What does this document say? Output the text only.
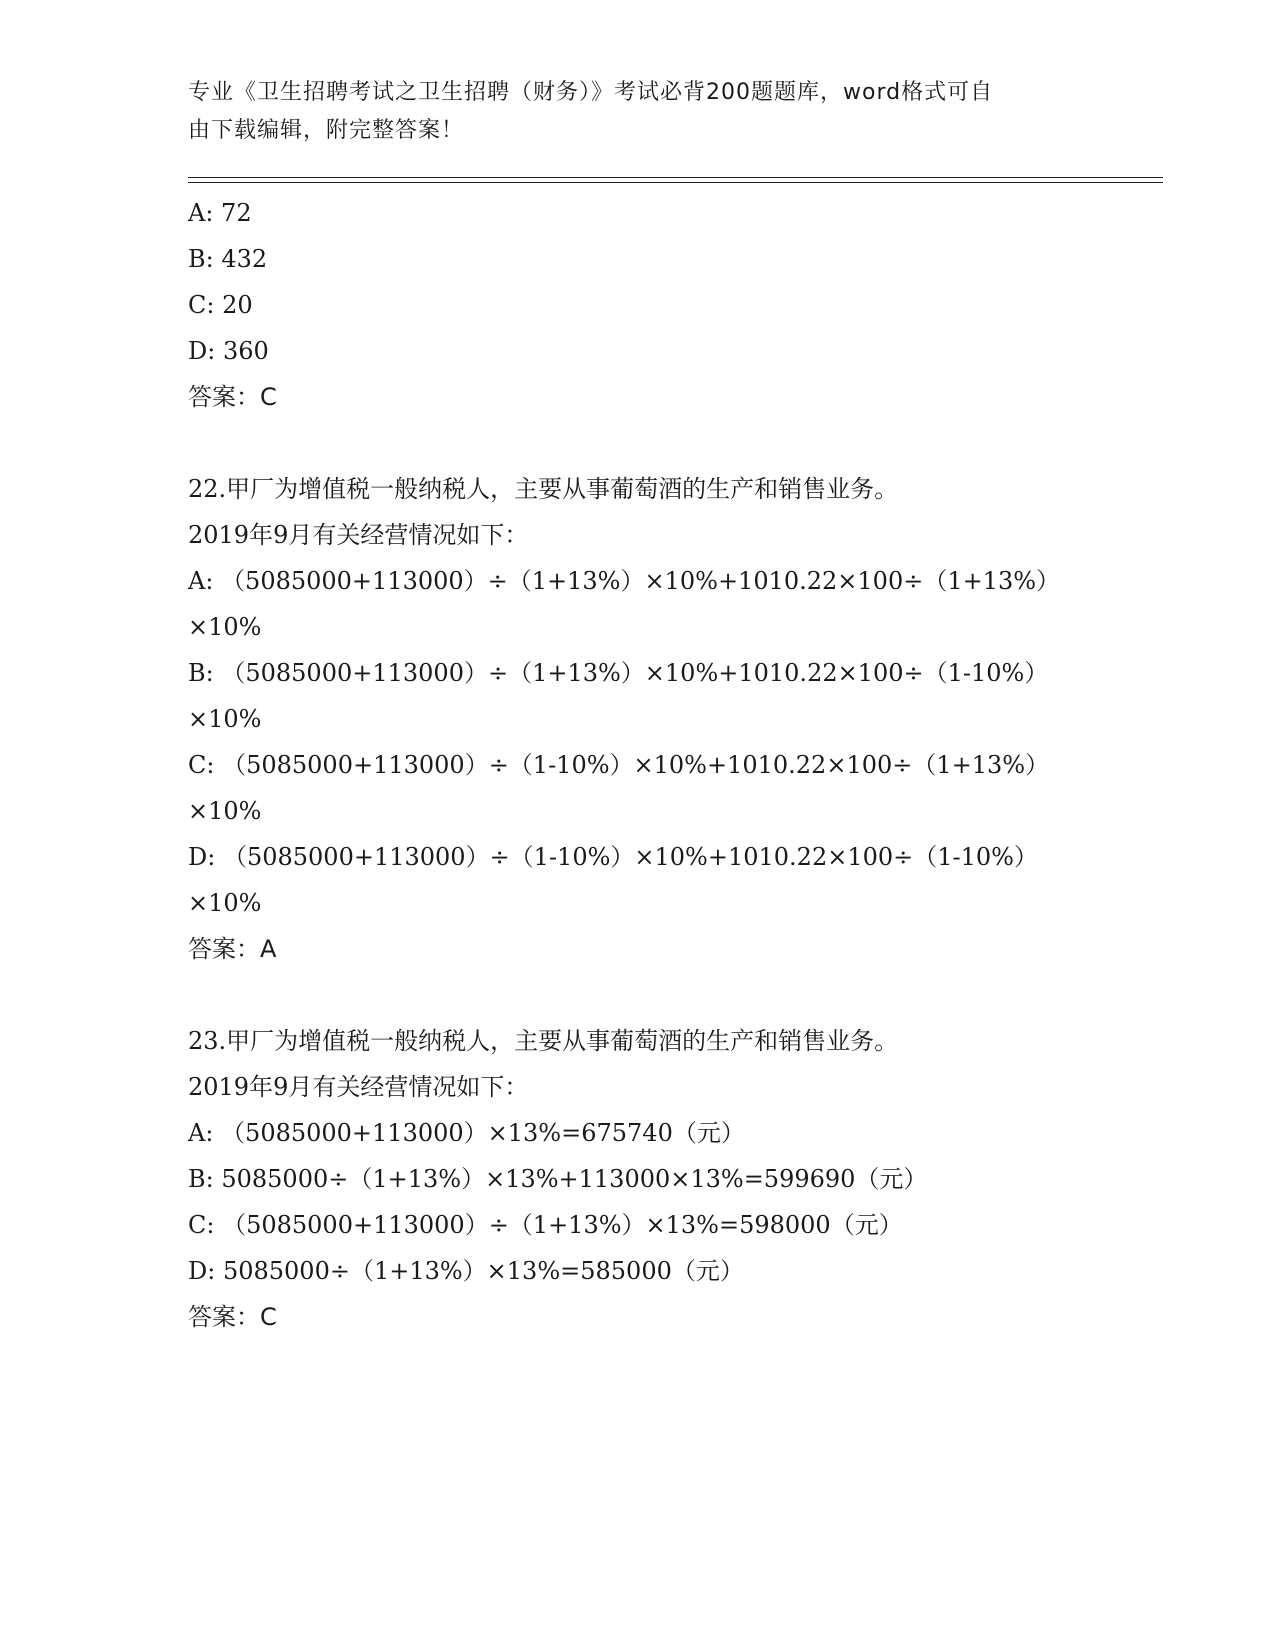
专业《卫生招聘考试之卫生招聘（财务）》考试必背200题题库，word格式可自
由下载编辑，附完整答案！
A: 72
B: 432
C: 20
D: 360
答案：C
22.甲厂为增值税一般纳税人，主要从事葡萄酒的生产和销售业务。
2019年9月有关经营情况如下：
A: （5085000+113000）÷（1+13%）×10%+1010.22×100÷（1+13%）
×10%
B: （5085000+113000）÷（1+13%）×10%+1010.22×100÷（1-10%）
×10%
C: （5085000+113000）÷（1-10%）×10%+1010.22×100÷（1+13%）
×10%
D: （5085000+113000）÷（1-10%）×10%+1010.22×100÷（1-10%）
×10%
答案：A
23.甲厂为增值税一般纳税人，主要从事葡萄酒的生产和销售业务。
2019年9月有关经营情况如下：
A: （5085000+113000）×13%=675740（元）
B: 5085000÷（1+13%）×13%+113000×13%=599690（元）
C: （5085000+113000）÷（1+13%）×13%=598000（元）
D: 5085000÷（1+13%）×13%=585000（元）
答案：C
